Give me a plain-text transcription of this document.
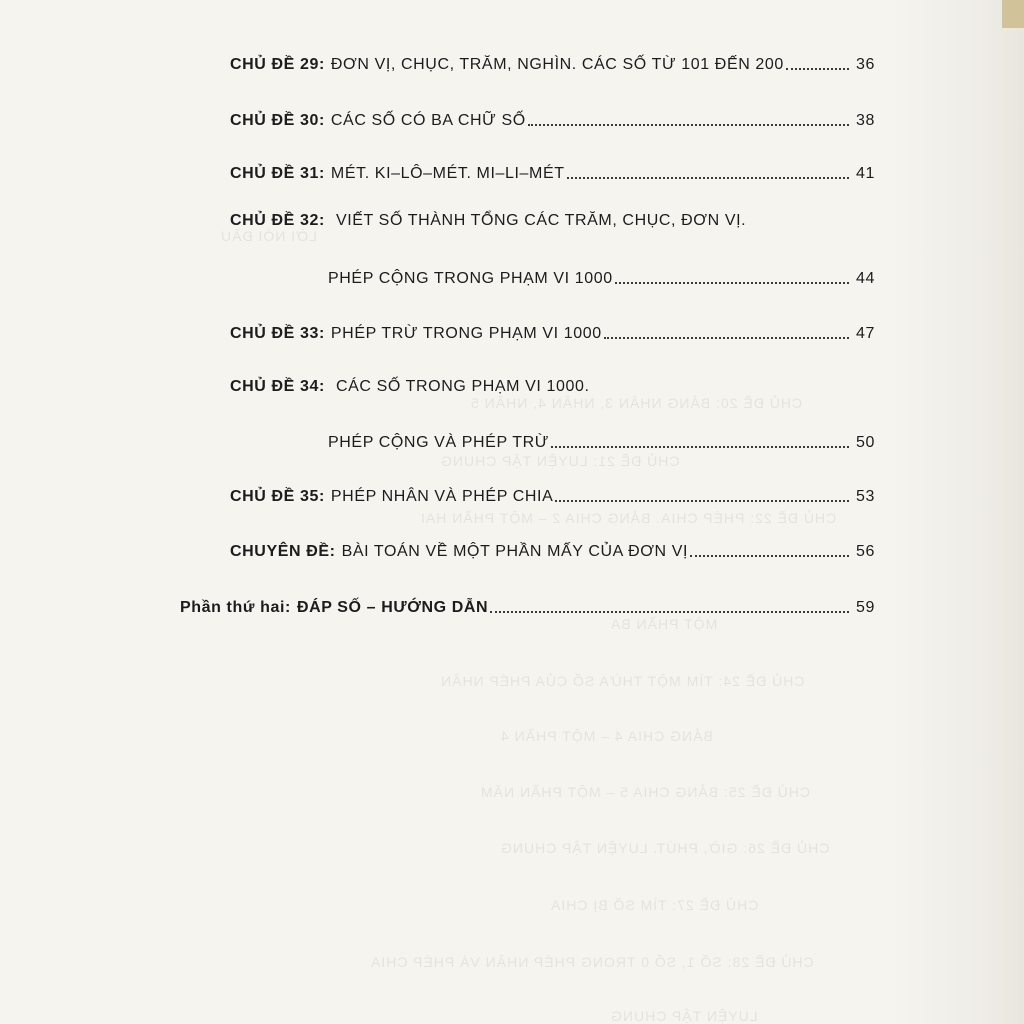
LỜI NÓI ĐẦU
CHỦ ĐỀ 20: BẢNG NHÂN 3, NHÂN 4, NHÂN 5
CHỦ ĐỀ 21: LUYỆN TẬP CHUNG
CHỦ ĐỀ 22: PHÉP CHIA. BẢNG CHIA 2 – MỘT PHẦN HAI
MỘT PHẦN BA
CHỦ ĐỀ 24: TÌM MỘT THỪA SỐ CỦA PHÉP NHÂN
BẢNG CHIA 4 – MỘT PHẦN 4
CHỦ ĐỀ 25: BẢNG CHIA 5 – MỘT PHẦN NĂM
CHỦ ĐỀ 26: GIỜ, PHÚT. LUYỆN TẬP CHUNG
CHỦ ĐỀ 27: TÌM SỐ BỊ CHIA
CHỦ ĐỀ 28: SỐ 1, SỐ 0 TRONG PHÉP NHÂN VÀ PHÉP CHIA
LUYỆN TẬP CHUNG
CHỦ ĐỀ 29: ĐƠN VỊ, CHỤC, TRĂM, NGHÌN. CÁC SỐ TỪ 101 ĐẾN 200	36
CHỦ ĐỀ 30: CÁC SỐ CÓ BA CHỮ SỐ	38
CHỦ ĐỀ 31: MÉT. KI–LÔ–MÉT. MI–LI–MÉT	41
CHỦ ĐỀ 32: VIẾT SỐ THÀNH TỔNG CÁC TRĂM, CHỤC, ĐƠN VỊ.
PHÉP CỘNG TRONG PHẠM VI 1000	44
CHỦ ĐỀ 33: PHÉP TRỪ TRONG PHẠM VI 1000	47
CHỦ ĐỀ 34: CÁC SỐ TRONG PHẠM VI 1000.
PHÉP CỘNG VÀ PHÉP TRỪ	50
CHỦ ĐỀ 35: PHÉP NHÂN VÀ PHÉP CHIA	53
CHUYÊN ĐỀ: BÀI TOÁN VỀ MỘT PHẦN MẤY CỦA ĐƠN VỊ	56
Phần thứ hai: ĐÁP SỐ – HƯỚNG DẪN	59
